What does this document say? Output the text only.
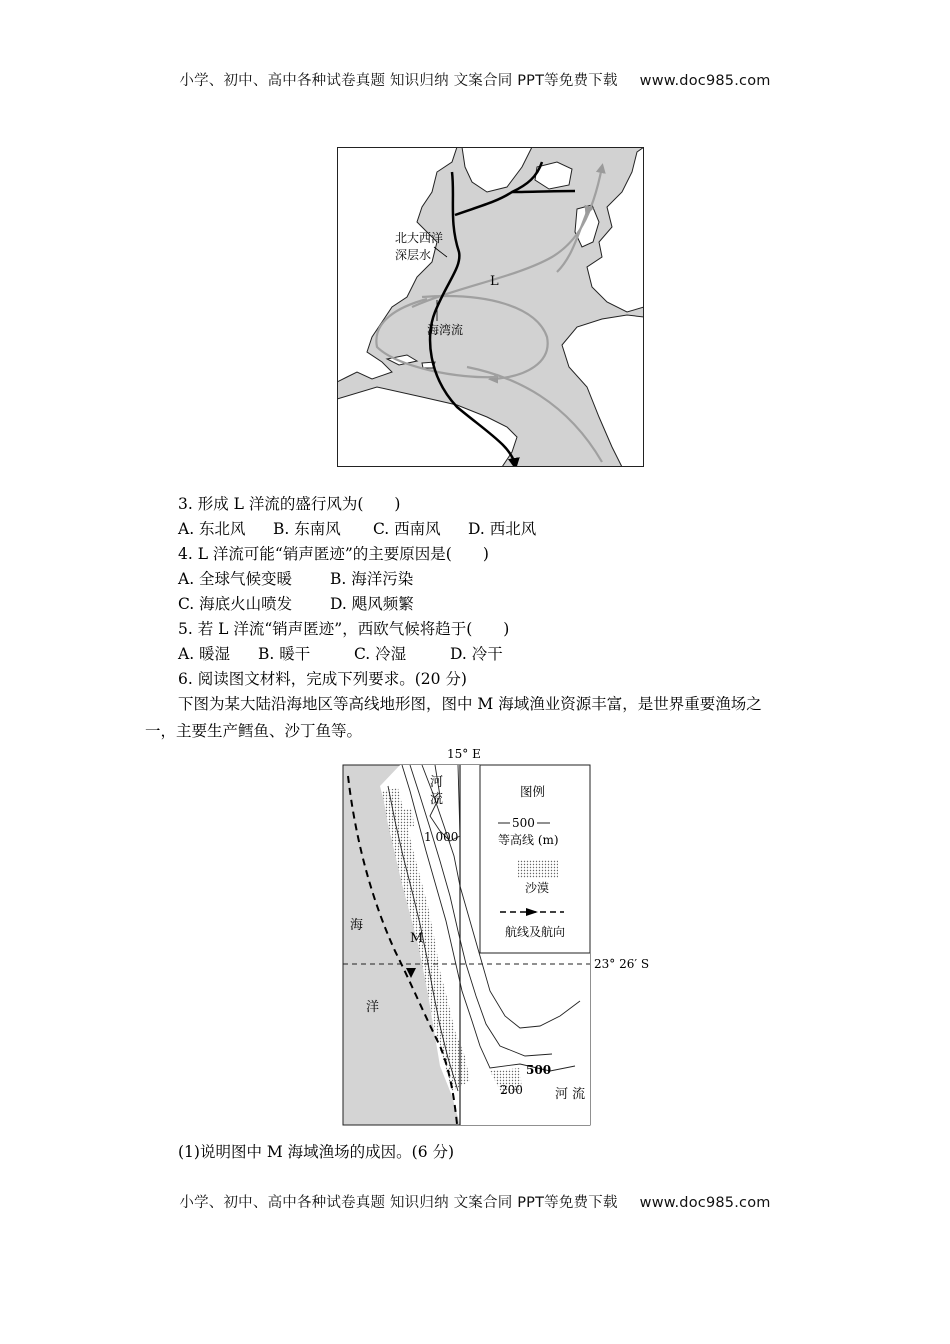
小学、初中、高中各种试卷真题 知识归纳 文案合同 PPT等免费下载 www.doc985.com
北大西洋
深层水
L
海湾流
3. 形成 L 洋流的盛行风为(　　)
A. 东北风 B. 东南风 C. 西南风 D. 西北风
4. L 洋流可能“销声匿迹”的主要原因是(　　)
A. 全球气候变暖 B. 海洋污染
C. 海底火山喷发 D. 飓风频繁
5. 若 L 洋流“销声匿迹”，西欧气候将趋于(　　)
A. 暖湿 B. 暖干	C. 冷湿	D. 冷干
6. 阅读图文材料，完成下列要求。(20 分)
下图为某大陆沿海地区等高线地形图，图中 M 海域渔业资源丰富，是世界重要渔场之
一，主要生产鳕鱼、沙丁鱼等。
15° E
23° 26′ S
图例
500
等高线 (m)
沙漠
航线及航向
河
流
1 000
海
M
洋
500
200 河 流
(1)说明图中 M 海域渔场的成因。(6 分)
小学、初中、高中各种试卷真题 知识归纳 文案合同 PPT等免费下载 www.doc985.com
